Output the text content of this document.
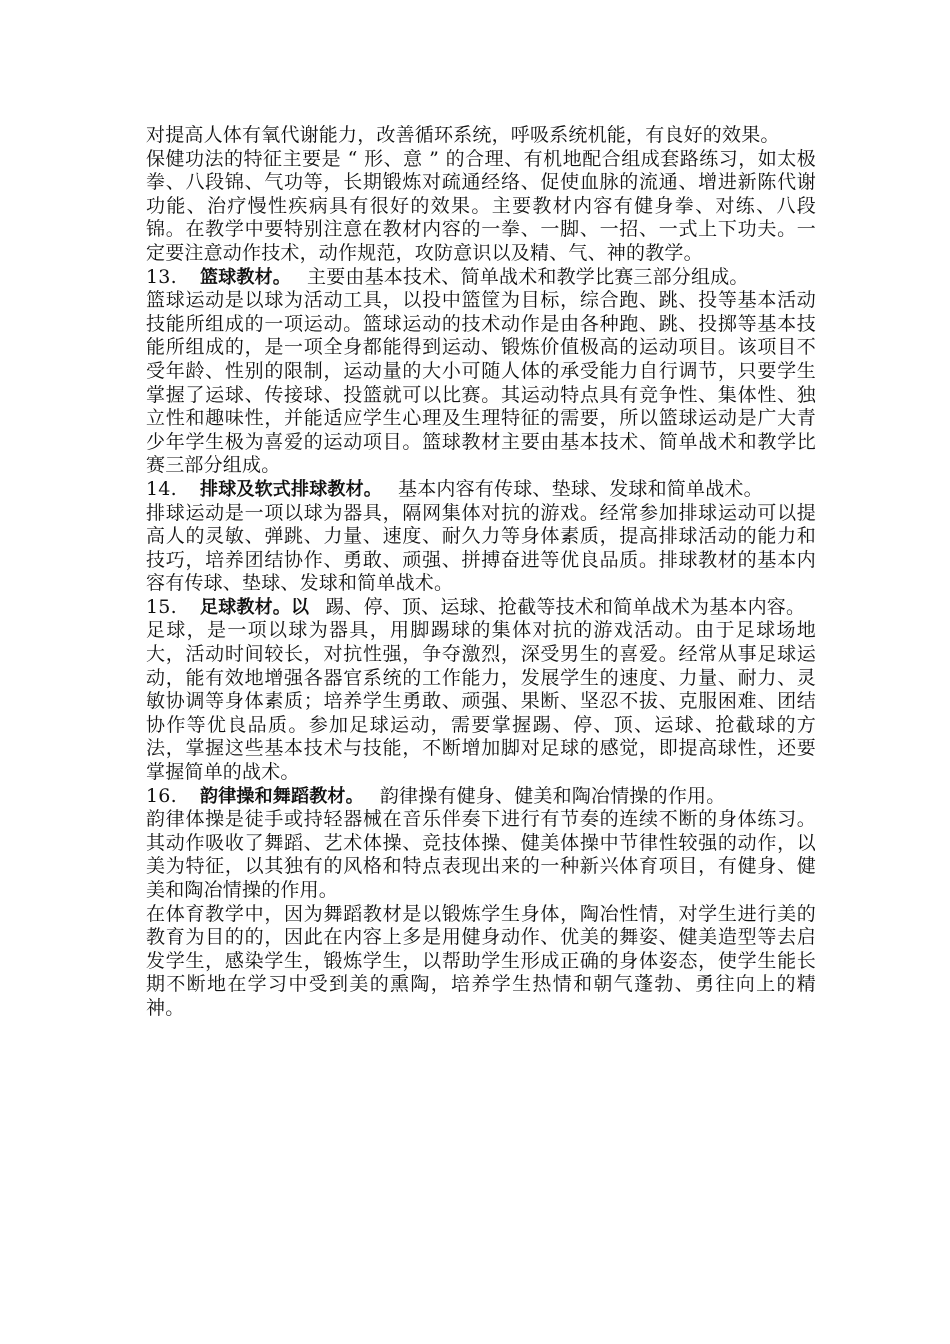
对提高人体有氧代谢能力，改善循环系统，呼吸系统机能，有良好的效果。

保健功法的特征主要是 “ 形、意 ” 的合理、有机地配合组成套路练习，如太极拳、八段锦、气功等，长期锻炼对疏通经络、促使血脉的流通、增进新陈代谢功能、治疗慢性疾病具有很好的效果。主要教材内容有健身拳、对练、八段锦。在教学中要特别注意在教材内容的一拳、一脚、一招、一式上下功夫。一定要注意动作技术，动作规范，攻防意识以及精、气、神的教学。

13. 篮球教材。 主要由基本技术、简单战术和教学比赛三部分组成。

篮球运动是以球为活动工具，以投中篮筐为目标，综合跑、跳、投等基本活动技能所组成的一项运动。篮球运动的技术动作是由各种跑、跳、投掷等基本技能所组成的，是一项全身都能得到运动、锻炼价值极高的运动项目。该项目不受年龄、性别的限制，运动量的大小可随人体的承受能力自行调节，只要学生掌握了运球、传接球、投篮就可以比赛。其运动特点具有竞争性、集体性、独立性和趣味性，并能适应学生心理及生理特征的需要，所以篮球运动是广大青少年学生极为喜爱的运动项目。篮球教材主要由基本技术、简单战术和教学比赛三部分组成。

14. 排球及软式排球教材。 基本内容有传球、垫球、发球和简单战术。

排球运动是一项以球为器具，隔网集体对抗的游戏。经常参加排球运动可以提高人的灵敏、弹跳、力量、速度、耐久力等身体素质，提高排球活动的能力和技巧，培养团结协作、勇敢、顽强、拼搏奋进等优良品质。排球教材的基本内容有传球、垫球、发球和简单战术。

15. 足球教材。以 踢、停、顶、运球、抢截等技术和简单战术为基本内容。

足球，是一项以球为器具，用脚踢球的集体对抗的游戏活动。由于足球场地大，活动时间较长，对抗性强，争夺激烈，深受男生的喜爱。经常从事足球运动，能有效地增强各器官系统的工作能力，发展学生的速度、力量、耐力、灵敏协调等身体素质；培养学生勇敢、顽强、果断、坚忍不拔、克服困难、团结协作等优良品质。参加足球运动，需要掌握踢、停、顶、运球、抢截球的方法，掌握这些基本技术与技能，不断增加脚对足球的感觉，即提高球性，还要掌握简单的战术。

16. 韵律操和舞蹈教材。 韵律操有健身、健美和陶冶情操的作用。

韵律体操是徒手或持轻器械在音乐伴奏下进行有节奏的连续不断的身体练习。其动作吸收了舞蹈、艺术体操、竞技体操、健美体操中节律性较强的动作，以美为特征，以其独有的风格和特点表现出来的一种新兴体育项目，有健身、健美和陶冶情操的作用。

在体育教学中，因为舞蹈教材是以锻炼学生身体，陶冶性情，对学生进行美的教育为目的的，因此在内容上多是用健身动作、优美的舞姿、健美造型等去启发学生，感染学生，锻炼学生，以帮助学生形成正确的身体姿态，使学生能长期不断地在学习中受到美的熏陶，培养学生热情和朝气蓬勃、勇往向上的精神。
